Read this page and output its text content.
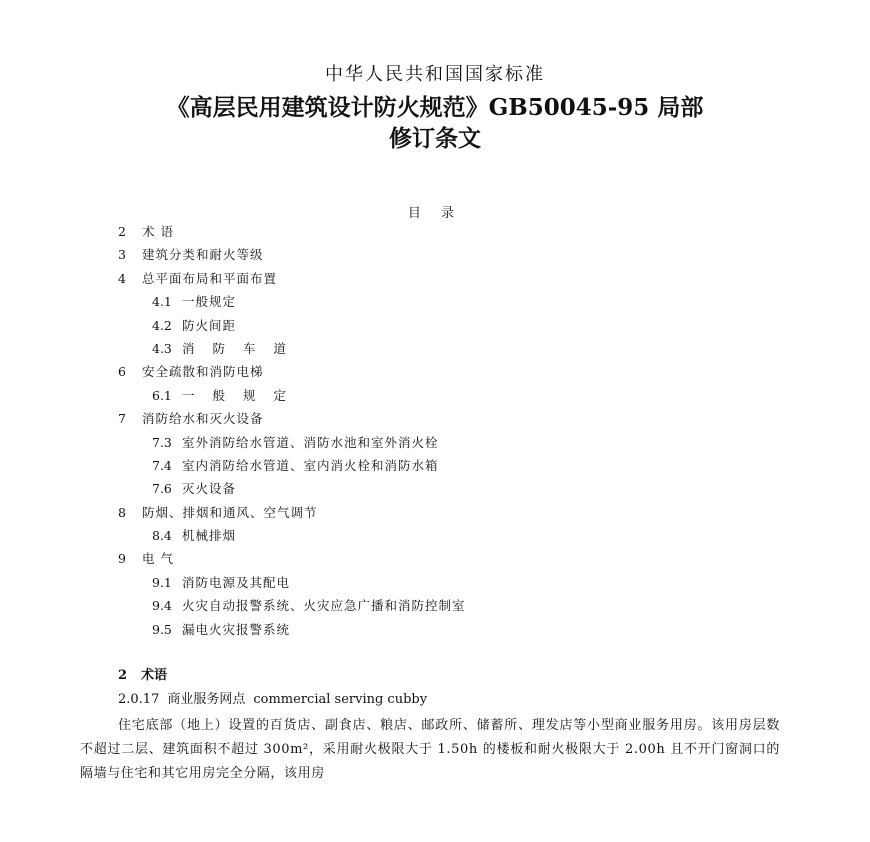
中华人民共和国国家标准
《高层民用建筑设计防火规范》GB50045-95 局部
修订条文
目 录
2 术 语
3 建筑分类和耐火等级
4 总平面布局和平面布置
4.1 一般规定
4.2 防火间距
4.3 消 防 车 道
6 安全疏散和消防电梯
6.1 一 般 规 定
7 消防给水和灭火设备
7.3 室外消防给水管道、消防水池和室外消火栓
7.4 室内消防给水管道、室内消火栓和消防水箱
7.6 灭火设备
8 防烟、排烟和通风、空气调节
8.4 机械排烟
9 电 气
9.1 消防电源及其配电
9.4 火灾自动报警系统、火灾应急广播和消防控制室
9.5 漏电火灾报警系统
2 术语
2.0.17 商业服务网点 commercial serving cubby

住宅底部（地上）设置的百货店、副食店、粮店、邮政所、储蓄所、理发店等小型商业服务用房。该用房层数不超过二层、建筑面积不超过 300m²，采用耐火极限大于 1.50h 的楼板和耐火极限大于 2.00h 且不开门窗洞口的隔墙与住宅和其它用房完全分隔，该用房
